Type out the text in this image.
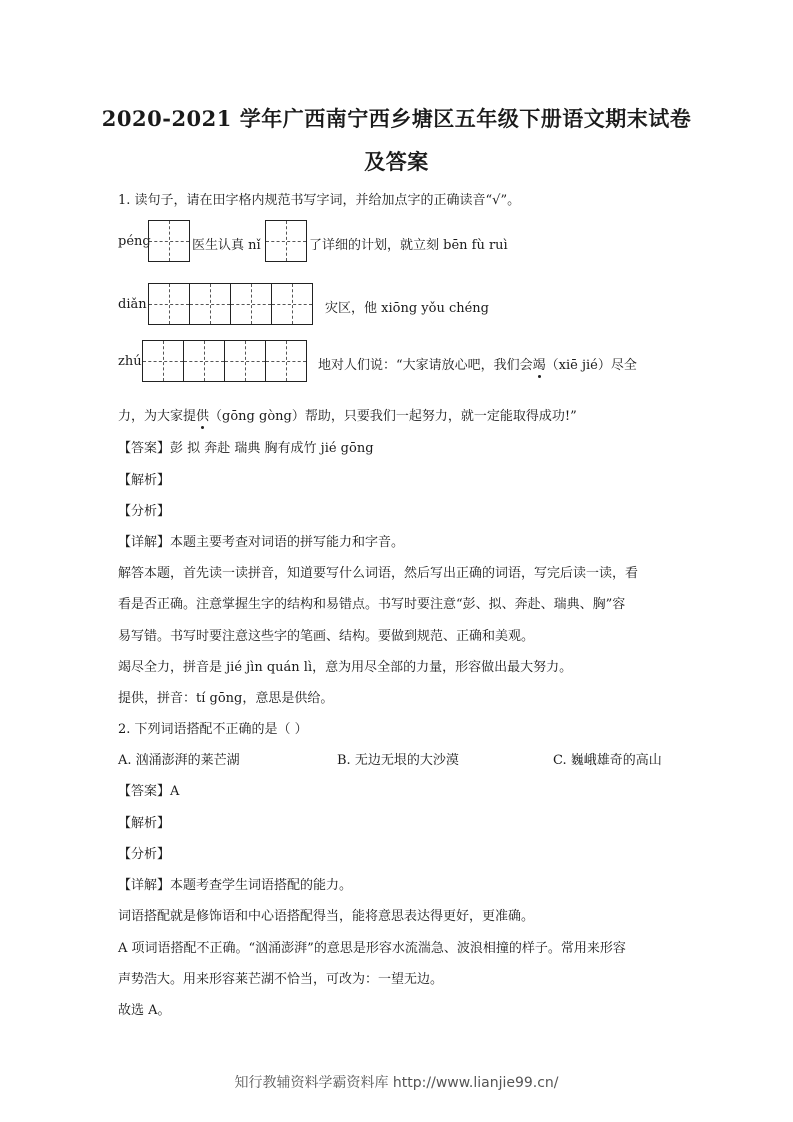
2020-2021 学年广西南宁西乡塘区五年级下册语文期末试卷
及答案
1. 读句子，请在田字格内规范书写字词，并给加点字的正确读音“√”。
péng	医生认真 nǐ	了详细的计划，就立刻 bēn fù ruì
diǎn	灾区，他 xiōng yǒu chéng
zhú	地对人们说：“大家请放心吧，我们会竭（xiē jié）尽全
力，为大家提供（gōng gòng）帮助，只要我们一起努力，就一定能取得成功!”
【答案】彭 拟 奔赴 瑞典 胸有成竹 jié gōng
【解析】
【分析】
【详解】本题主要考查对词语的拼写能力和字音。
解答本题，首先读一读拼音，知道要写什么词语，然后写出正确的词语，写完后读一读，看
看是否正确。注意掌握生字的结构和易错点。书写时要注意“彭、拟、奔赴、瑞典、胸”容
易写错。书写时要注意这些字的笔画、结构。要做到规范、正确和美观。
竭尽全力，拼音是 jié jìn quán lì，意为用尽全部的力量，形容做出最大努力。
提供，拼音：tí gōng，意思是供给。
2. 下列词语搭配不正确的是（ ）
A. 汹涌澎湃的莱芒湖	B. 无边无垠的大沙漠	C. 巍峨雄奇的高山
【答案】A
【解析】
【分析】
【详解】本题考查学生词语搭配的能力。
词语搭配就是修饰语和中心语搭配得当，能将意思表达得更好，更准确。
A 项词语搭配不正确。“汹涌澎湃”的意思是形容水流湍急、波浪相撞的样子。常用来形容
声势浩大。用来形容莱芒湖不恰当，可改为：一望无边。
故选 A。
知行教辅资料学霸资料库 http://www.lianjie99.cn/
